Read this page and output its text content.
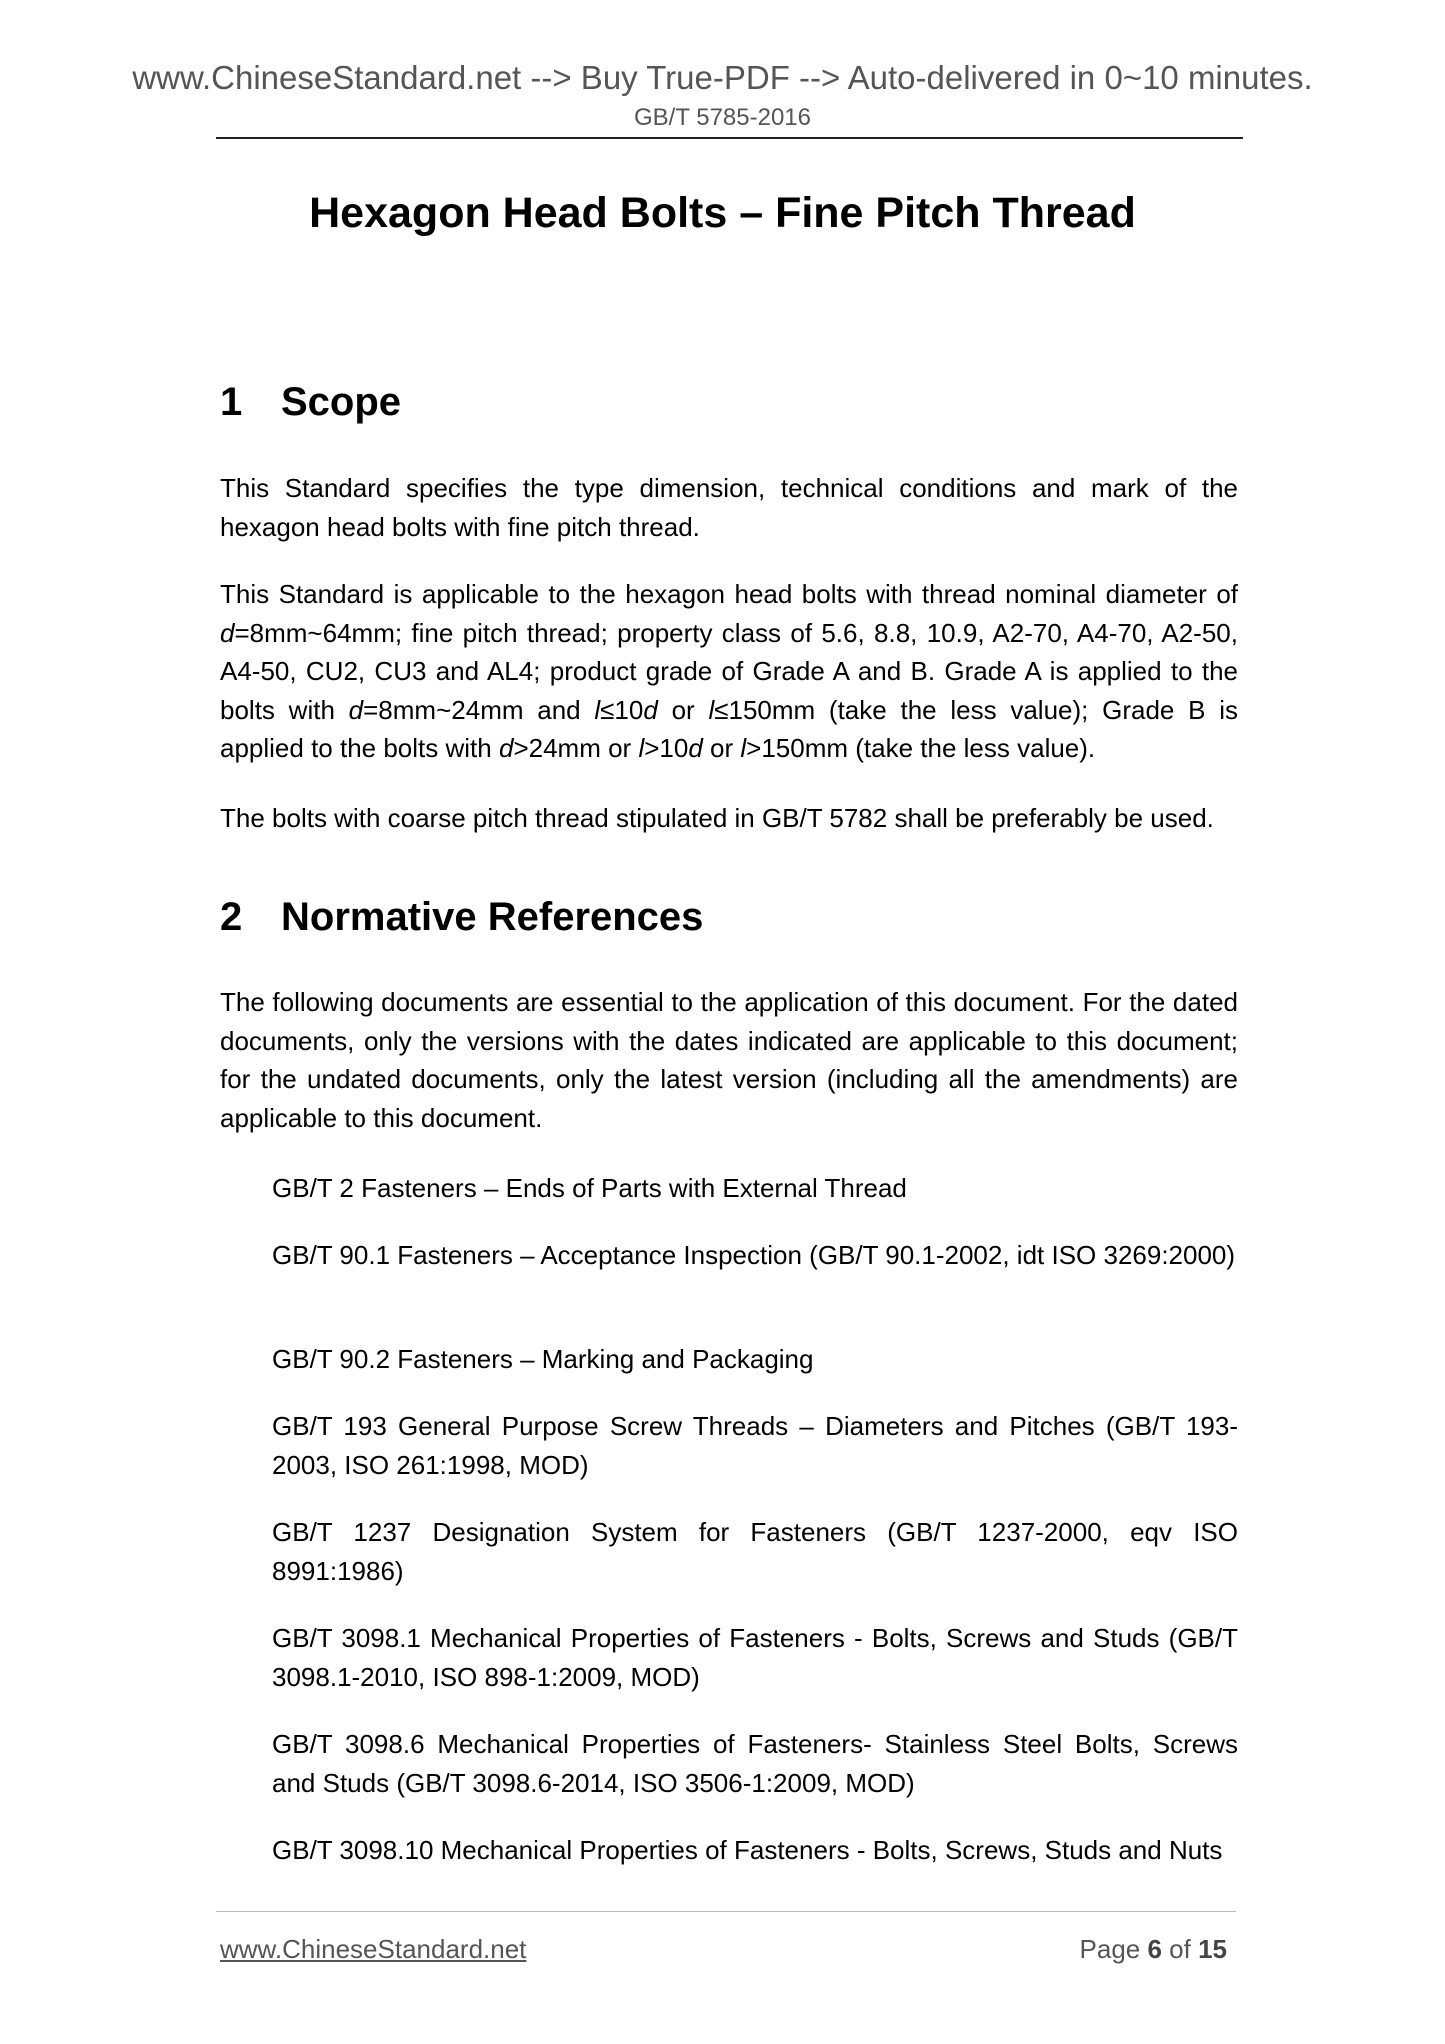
www.ChineseStandard.net --> Buy True-PDF --> Auto-delivered in 0~10 minutes.
GB/T 5785-2016
Hexagon Head Bolts – Fine Pitch Thread
1 Scope

This Standard specifies the type dimension, technical conditions and mark of the hexagon head bolts with fine pitch thread.

This Standard is applicable to the hexagon head bolts with thread nominal diameter of d=8mm~64mm; fine pitch thread; property class of 5.6, 8.8, 10.9, A2-70, A4-70, A2-50, A4-50, CU2, CU3 and AL4; product grade of Grade A and B. Grade A is applied to the bolts with d=8mm~24mm and l≤10d or l≤150mm (take the less value); Grade B is applied to the bolts with d>24mm or l>10d or l>150mm (take the less value).

The bolts with coarse pitch thread stipulated in GB/T 5782 shall be preferably be used.

2 Normative References

The following documents are essential to the application of this document. For the dated documents, only the versions with the dates indicated are applicable to this document; for the undated documents, only the latest version (including all the amendments) are applicable to this document.

GB/T 2 Fasteners – Ends of Parts with External Thread

GB/T 90.1 Fasteners – Acceptance Inspection (GB/T 90.1-2002, idt ISO 3269:2000)

GB/T 90.2 Fasteners – Marking and Packaging

GB/T 193 General Purpose Screw Threads – Diameters and Pitches (GB/T 193-2003, ISO 261:1998, MOD)

GB/T 1237 Designation System for Fasteners (GB/T 1237-2000, eqv ISO 8991:1986)

GB/T 3098.1 Mechanical Properties of Fasteners - Bolts, Screws and Studs (GB/T 3098.1-2010, ISO 898-1:2009, MOD)

GB/T 3098.6 Mechanical Properties of Fasteners- Stainless Steel Bolts, Screws and Studs (GB/T 3098.6-2014, ISO 3506-1:2009, MOD)

GB/T 3098.10 Mechanical Properties of Fasteners - Bolts, Screws, Studs and Nuts

www.ChineseStandard.net	Page 6 of 15
